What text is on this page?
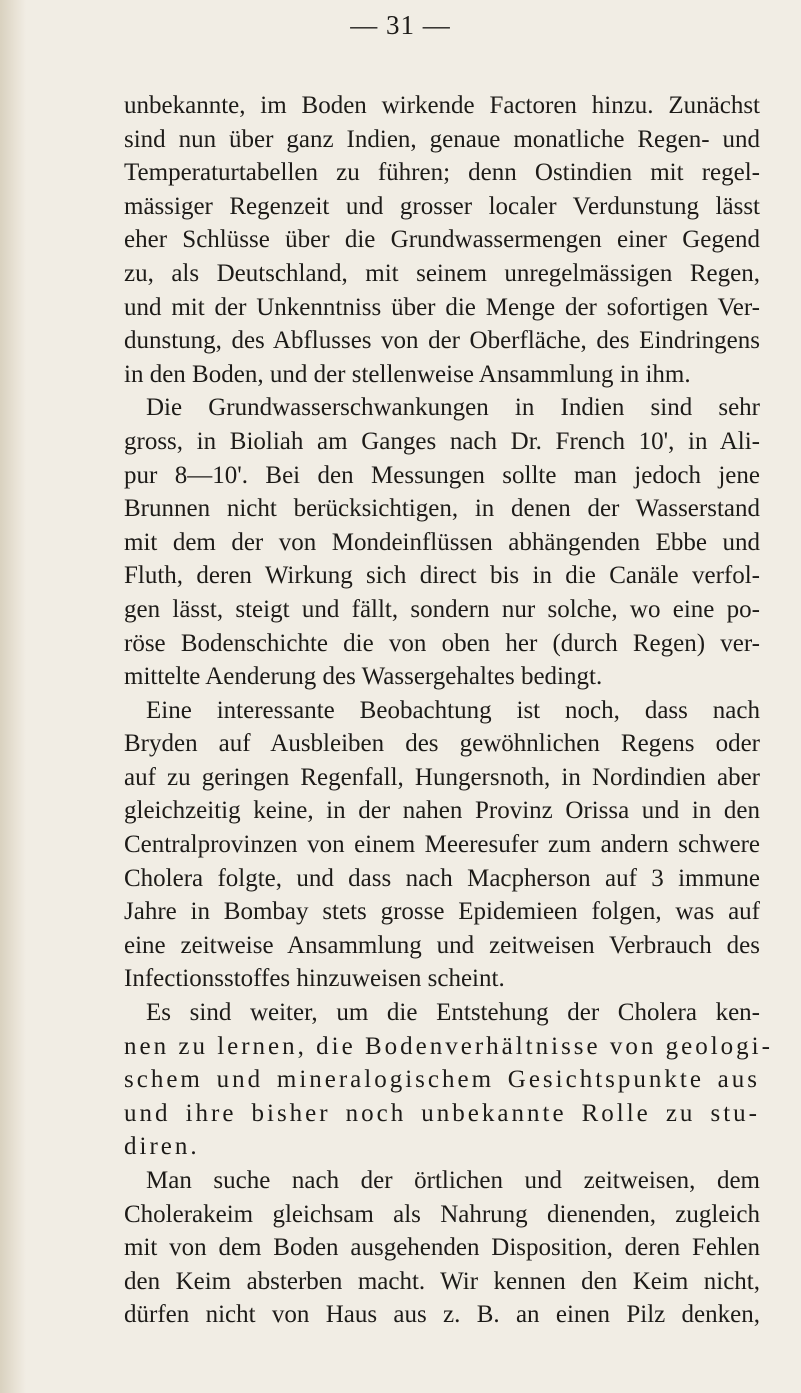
— 31 —
unbekannte, im Boden wirkende Factoren hinzu. Zunächst
sind nun über ganz Indien, genaue monatliche Regen- und
Temperaturtabellen zu führen; denn Ostindien mit regel-
mässiger Regenzeit und grosser localer Verdunstung lässt
eher Schlüsse über die Grundwassermengen einer Gegend
zu, als Deutschland, mit seinem unregelmässigen Regen,
und mit der Unkenntniss über die Menge der sofortigen Ver-
dunstung, des Abflusses von der Oberfläche, des Eindringens
in den Boden, und der stellenweise Ansammlung in ihm.
Die Grundwasserschwankungen in Indien sind sehr
gross, in Bioliah am Ganges nach Dr. French 10', in Ali-
pur 8—10'. Bei den Messungen sollte man jedoch jene
Brunnen nicht berücksichtigen, in denen der Wasserstand
mit dem der von Mondeinflüssen abhängenden Ebbe und
Fluth, deren Wirkung sich direct bis in die Canäle verfol-
gen lässt, steigt und fällt, sondern nur solche, wo eine po-
röse Bodenschichte die von oben her (durch Regen) ver-
mittelte Aenderung des Wassergehaltes bedingt.
Eine interessante Beobachtung ist noch, dass nach
Bryden auf Ausbleiben des gewöhnlichen Regens oder
auf zu geringen Regenfall, Hungersnoth, in Nordindien aber
gleichzeitig keine, in der nahen Provinz Orissa und in den
Centralprovinzen von einem Meeresufer zum andern schwere
Cholera folgte, und dass nach Macpherson auf 3 immune
Jahre in Bombay stets grosse Epidemieen folgen, was auf
eine zeitweise Ansammlung und zeitweisen Verbrauch des
Infectionsstoffes hinzuweisen scheint.
Es sind weiter, um die Entstehung der Cholera ken-
nen zu lernen, die Bodenverhältnisse von geologi-
schem und mineralogischem Gesichtspunkte aus
und ihre bisher noch unbekannte Rolle zu stu-
diren.
Man suche nach der örtlichen und zeitweisen, dem
Cholerakeim gleichsam als Nahrung dienenden, zugleich
mit von dem Boden ausgehenden Disposition, deren Fehlen
den Keim absterben macht. Wir kennen den Keim nicht,
dürfen nicht von Haus aus z. B. an einen Pilz denken,
